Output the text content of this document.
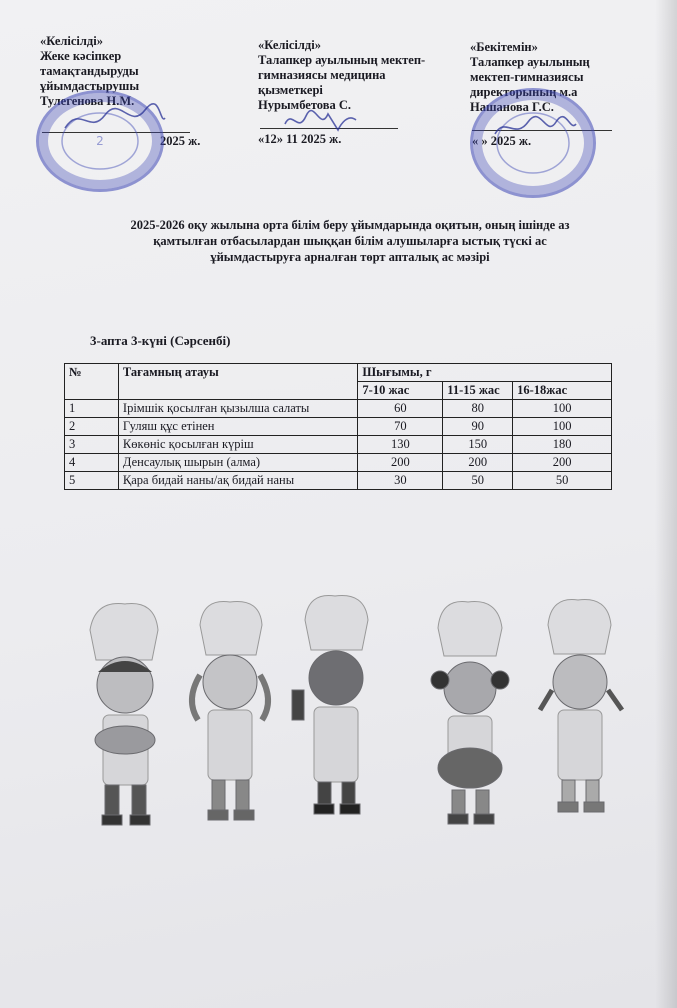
«Келісілді»
Жеке кәсіпкер
тамақтандыруды
ұйымдастырушы
Тулегенова Н.М.
2025 ж.
2
«Келісілді»
Талапкер ауылының мектеп-
гимназиясы медицина
қызметкері
Нурымбетова С.
«12» 11 2025 ж.
«Бекітемін»
Талапкер ауылының
мектеп-гимназиясы
директорының м.а
Нашанова Г.С.
« » 2025 ж.
2025-2026 оқу жылына орта білім беру ұйымдарында оқитын, оның ішінде аз
қамтылған отбасылардан шыққан білім алушыларға ыстық түскі ас
ұйымдастыруға арналған төрт апталық ас мәзірі
3-апта 3-күні (Сәрсенбі)
№	Тағамның атауы	Шығымы, г		
		7-10 жас	11-15 жас	16-18жас
1	Ірімшік қосылған қызылша салаты	60	80	100
2	Гуляш құс етінен	70	90	100
3	Көкөніс қосылған күріш	130	150	180
4	Денсаулық шырын (алма)	200	200	200
5	Қара бидай наны/ақ бидай наны	30	50	50
